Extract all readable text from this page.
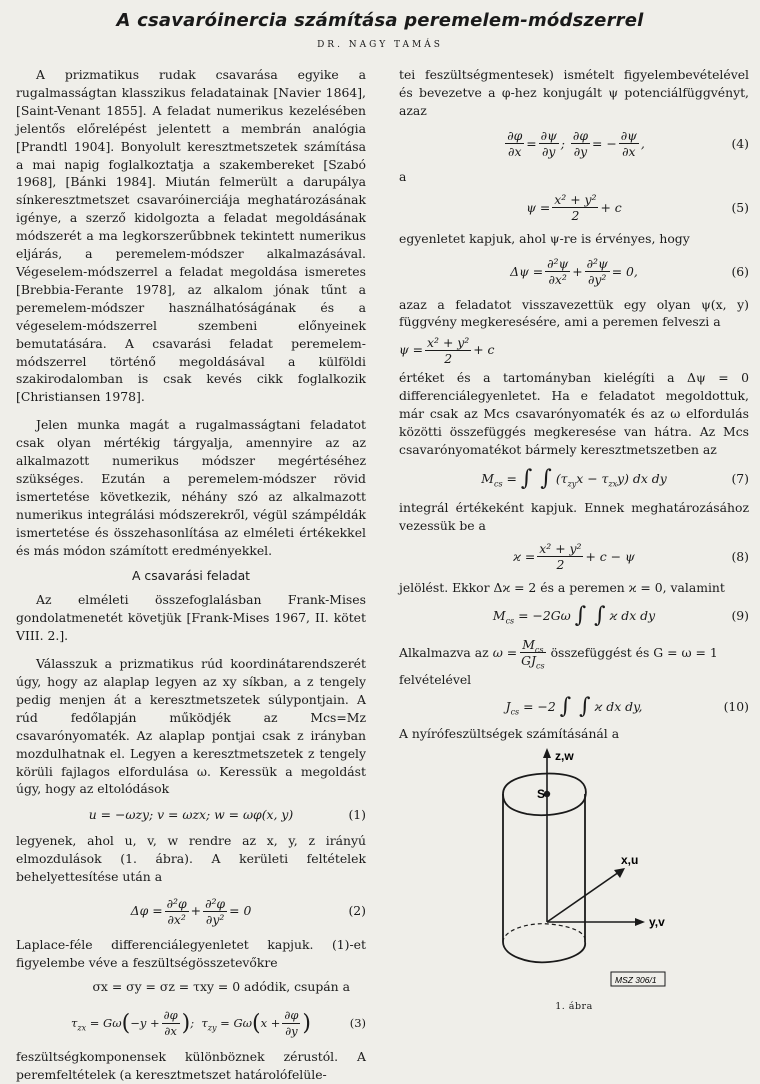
A csavaróinercia számítása peremelem-módszerrel
DR. NAGY TAMÁS

A prizmatikus rudak csavarása egyike a rugalmasságtan klasszikus feladatainak [Navier 1864], [Saint-Venant 1855]. A feladat numerikus kezelésében jelentős előrelépést jelentett a membrán analógia [Prandtl 1904]. Bonyolult keresztmetszetek számítása a mai napig foglalkoztatja a szakembereket [Szabó 1968], [Bánki 1984]. Miután felmerült a darupálya sínkeresztmetszet csavaróinerciája meghatározásának igénye, a szerző kidolgozta a feladat megoldásának módszerét a ma legkorszerűbbnek tekintett numerikus eljárás, a peremelem-módszer alkalmazásával. Végeselem-módszerrel a feladat megoldása ismeretes [Brebbia-Ferante 1978], az alkalom jónak tűnt a peremelem-módszer használhatóságának és a végeselem-módszerrel szembeni előnyeinek bemutatására. A csavarási feladat peremelem-módszerrel történő megoldásával a külföldi szakirodalomban is csak kevés cikk foglalkozik [Christiansen 1978].

Jelen munka magát a rugalmasságtani feladatot csak olyan mértékig tárgyalja, amennyire az az alkalmazott numerikus módszer megértéséhez szükséges. Ezután a peremelem-módszer rövid ismertetése következik, néhány szó az alkalmazott numerikus integrálási módszerekről, végül számpéldák ismertetése és összehasonlítása az elméleti értékekkel és más módon számított eredményekkel.

A csavarási feladat

Az elméleti összefoglalásban Frank-Mises gondolatmenetét követjük [Frank-Mises 1967, II. kötet VIII. 2.].

Válasszuk a prizmatikus rúd koordinátarendszerét úgy, hogy az alaplap legyen az xy síkban, a z tengely pedig menjen át a keresztmetszetek súlypontjain. A rúd fedőlapján működjék az Mcs=Mz csavarónyomaték. Az alaplap pontjai csak z irányban mozdulhatnak el. Legyen a keresztmetszetek z tengely körüli fajlagos elfordulása ω. Keressük a megoldást úgy, hogy az eltolódások

u = −ωzy; v = ωzx; w = ωφ(x, y)	(1)

legyenek, ahol u, v, w rendre az x, y, z irányú elmozdulások (1. ábra). A kerületi feltételek behelyettesítése után a

$\Delta\varphi = \frac{\text{∂²φ}}{\text{∂x²}} + \frac{\text{∂²φ}}{\text{∂y²}} = 0$	(2)

Laplace-féle differenciálegyenletet kapjuk. (1)-et figyelembe véve a feszültségösszetevőkre

σx = σy = σz = τxy = 0 adódik, csupán a
$\tau_{zx} = G\omega$ ( $-y + \frac{\partial\varphi}{\partial x}$ ) ;  $\tau_{zy} = G\omega$ ( $x + \frac{\partial\varphi}{\partial y}$ )	(3)

feszültségkomponensek különböznek zérustól. A peremfeltételek (a keresztmetszet határolófelüle-

tei feszültségmentesek) ismételt figyelembevételével és bevezetve a φ-hez konjugált ψ potenciálfüggvényt, azaz

$\frac{\partial\varphi}{\partial x} = \frac{\partial\psi}{\partial y}$ ; $\frac{\partial\varphi}{\partial y}$ = − $\frac{\partial\psi}{\partial x}$ ,	(4)

a

$\psi = \frac{\text{x² + y²}}{2} + c$	(5)

egyenletet kapjuk, ahol ψ-re is érvényes, hogy

$\Delta\psi = \frac{\text{∂²ψ}}{\text{∂x²}} + \frac{\text{∂²ψ}}{\text{∂y²}} = 0$,	(6)

azaz a feladatot visszavezettük egy olyan ψ(x, y) függvény megkeresésére, ami a peremen felveszi a

$\psi = \frac{\text{x² + y²}}{2} + c$

értéket és a tartományban kielégíti a Δψ = 0 differenciálegyenletet. Ha e feladatot megoldottuk, már csak az Mcs csavarónyomaték és az ω elfordulás közötti összefüggés megkeresése van hátra. Az Mcs csavarónyomatékot bármely keresztmetszetben az

$M_{cs}$ = ∫ ∫ $(\tau_{zy}x - \tau_{zx}y)$ dx dy	(7)

integrál értékeként kapjuk. Ennek meghatározásához vezessük be a

$ϰ = \frac{\text{x² + y²}}{2} + c - \psi$	(8)

jelölést. Ekkor Δϰ = 2 és a peremen ϰ = 0, valamint

$M_{cs} = -2G\omega$ ∫ ∫ ϰ dx dy	(9)
Alkalmazva az $\omega = \frac{M_{cs}}{GJ_{cs}}$ összefüggést és G = ω = 1

felvételével

$J_{cs} = -2$ ∫ ∫ ϰ dx dy,	(10)

A nyírófeszültségek számításánál a

z,w
S
x,u
y,v
MSZ 306/1
1. ábra
